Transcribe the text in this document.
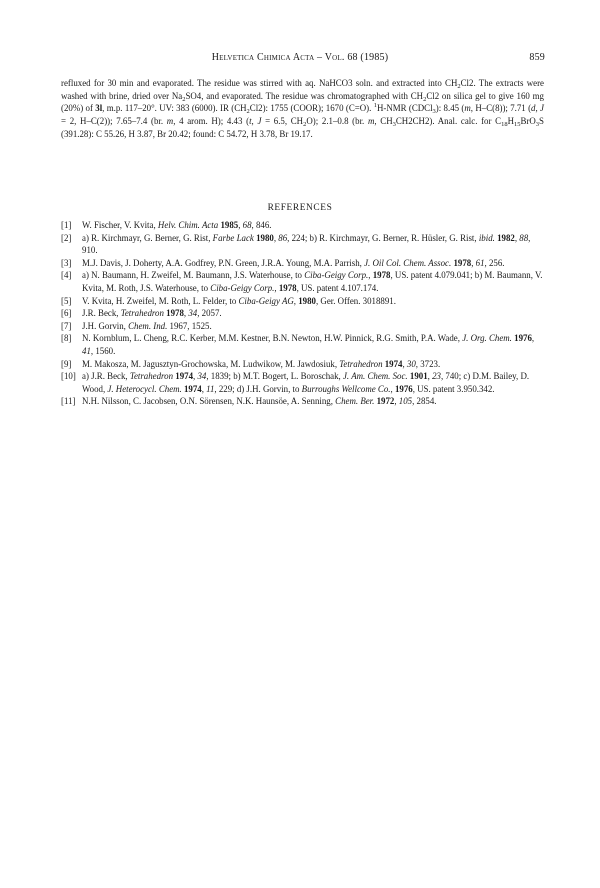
Helvetica Chimica Acta – Vol. 68 (1985)	859

refluxed for 30 min and evaporated. The residue was stirred with aq. NaHCO3 soln. and extracted into $CH_2Cl2$. The extracts were washed with brine, dried over $Na_2SO4$, and evaporated. The residue was chromatographed with $CH_2Cl2$ on silica gel to give 160 mg (20%) of 3l, m.p. 117–20°. UV: 383 (6000). IR $(CH_2Cl2)$: 1755 (COOR); 1670 (C=O). $^1$H-NMR (CDCl$_3$): 8.45 (m, H–C(8)); 7.71 (d, J = 2, H–C(2)); 7.65–7.4 (br. m, 4 arom. H); 4.43 (t, J = 6.5, $CH_2O$); 2.1–0.8 (br. m, $CH_3CH2CH2$). Anal. calc. for $C_{18}H_{15}BrO_3S$ (391.28): C 55.26, H 3.87, Br 20.42; found: C 54.72, H 3.78, Br 19.17.

REFERENCES
[1] W. Fischer, V. Kvita, Helv. Chim. Acta 1985, 68, 846.
[2] a) R. Kirchmayr, G. Berner, G. Rist, Farbe Lack 1980, 86, 224; b) R. Kirchmayr, G. Berner, R. Hüsler, G. Rist, ibid. 1982, 88, 910.
[3] M.J. Davis, J. Doherty, A.A. Godfrey, P.N. Green, J.R.A. Young, M.A. Parrish, J. Oil Col. Chem. Assoc. 1978, 61, 256.
[4] a) N. Baumann, H. Zweifel, M. Baumann, J.S. Waterhouse, to Ciba-Geigy Corp., 1978, US. patent 4.079.041; b) M. Baumann, V. Kvita, M. Roth, J.S. Waterhouse, to Ciba-Geigy Corp., 1978, US. patent 4.107.174.
[5] V. Kvita, H. Zweifel, M. Roth, L. Felder, to Ciba-Geigy AG, 1980, Ger. Offen. 3018891.
[6] J.R. Beck, Tetrahedron 1978, 34, 2057.
[7] J.H. Gorvin, Chem. Ind. 1967, 1525.
[8] N. Kornblum, L. Cheng, R.C. Kerber, M.M. Kestner, B.N. Newton, H.W. Pinnick, R.G. Smith, P.A. Wade, J. Org. Chem. 1976, 41, 1560.
[9] M. Makosza, M. Jagusztyn-Grochowska, M. Ludwikow, M. Jawdosiuk, Tetrahedron 1974, 30, 3723.
[10] a) J.R. Beck, Tetrahedron 1974, 34, 1839; b) M.T. Bogert, L. Boroschak, J. Am. Chem. Soc. 1901, 23, 740; c) D.M. Bailey, D. Wood, J. Heterocycl. Chem. 1974, 11, 229; d) J.H. Gorvin, to Burroughs Wellcome Co., 1976, US. patent 3.950.342.
[11] N.H. Nilsson, C. Jacobsen, O.N. Sörensen, N.K. Haunsöe, A. Senning, Chem. Ber. 1972, 105, 2854.
